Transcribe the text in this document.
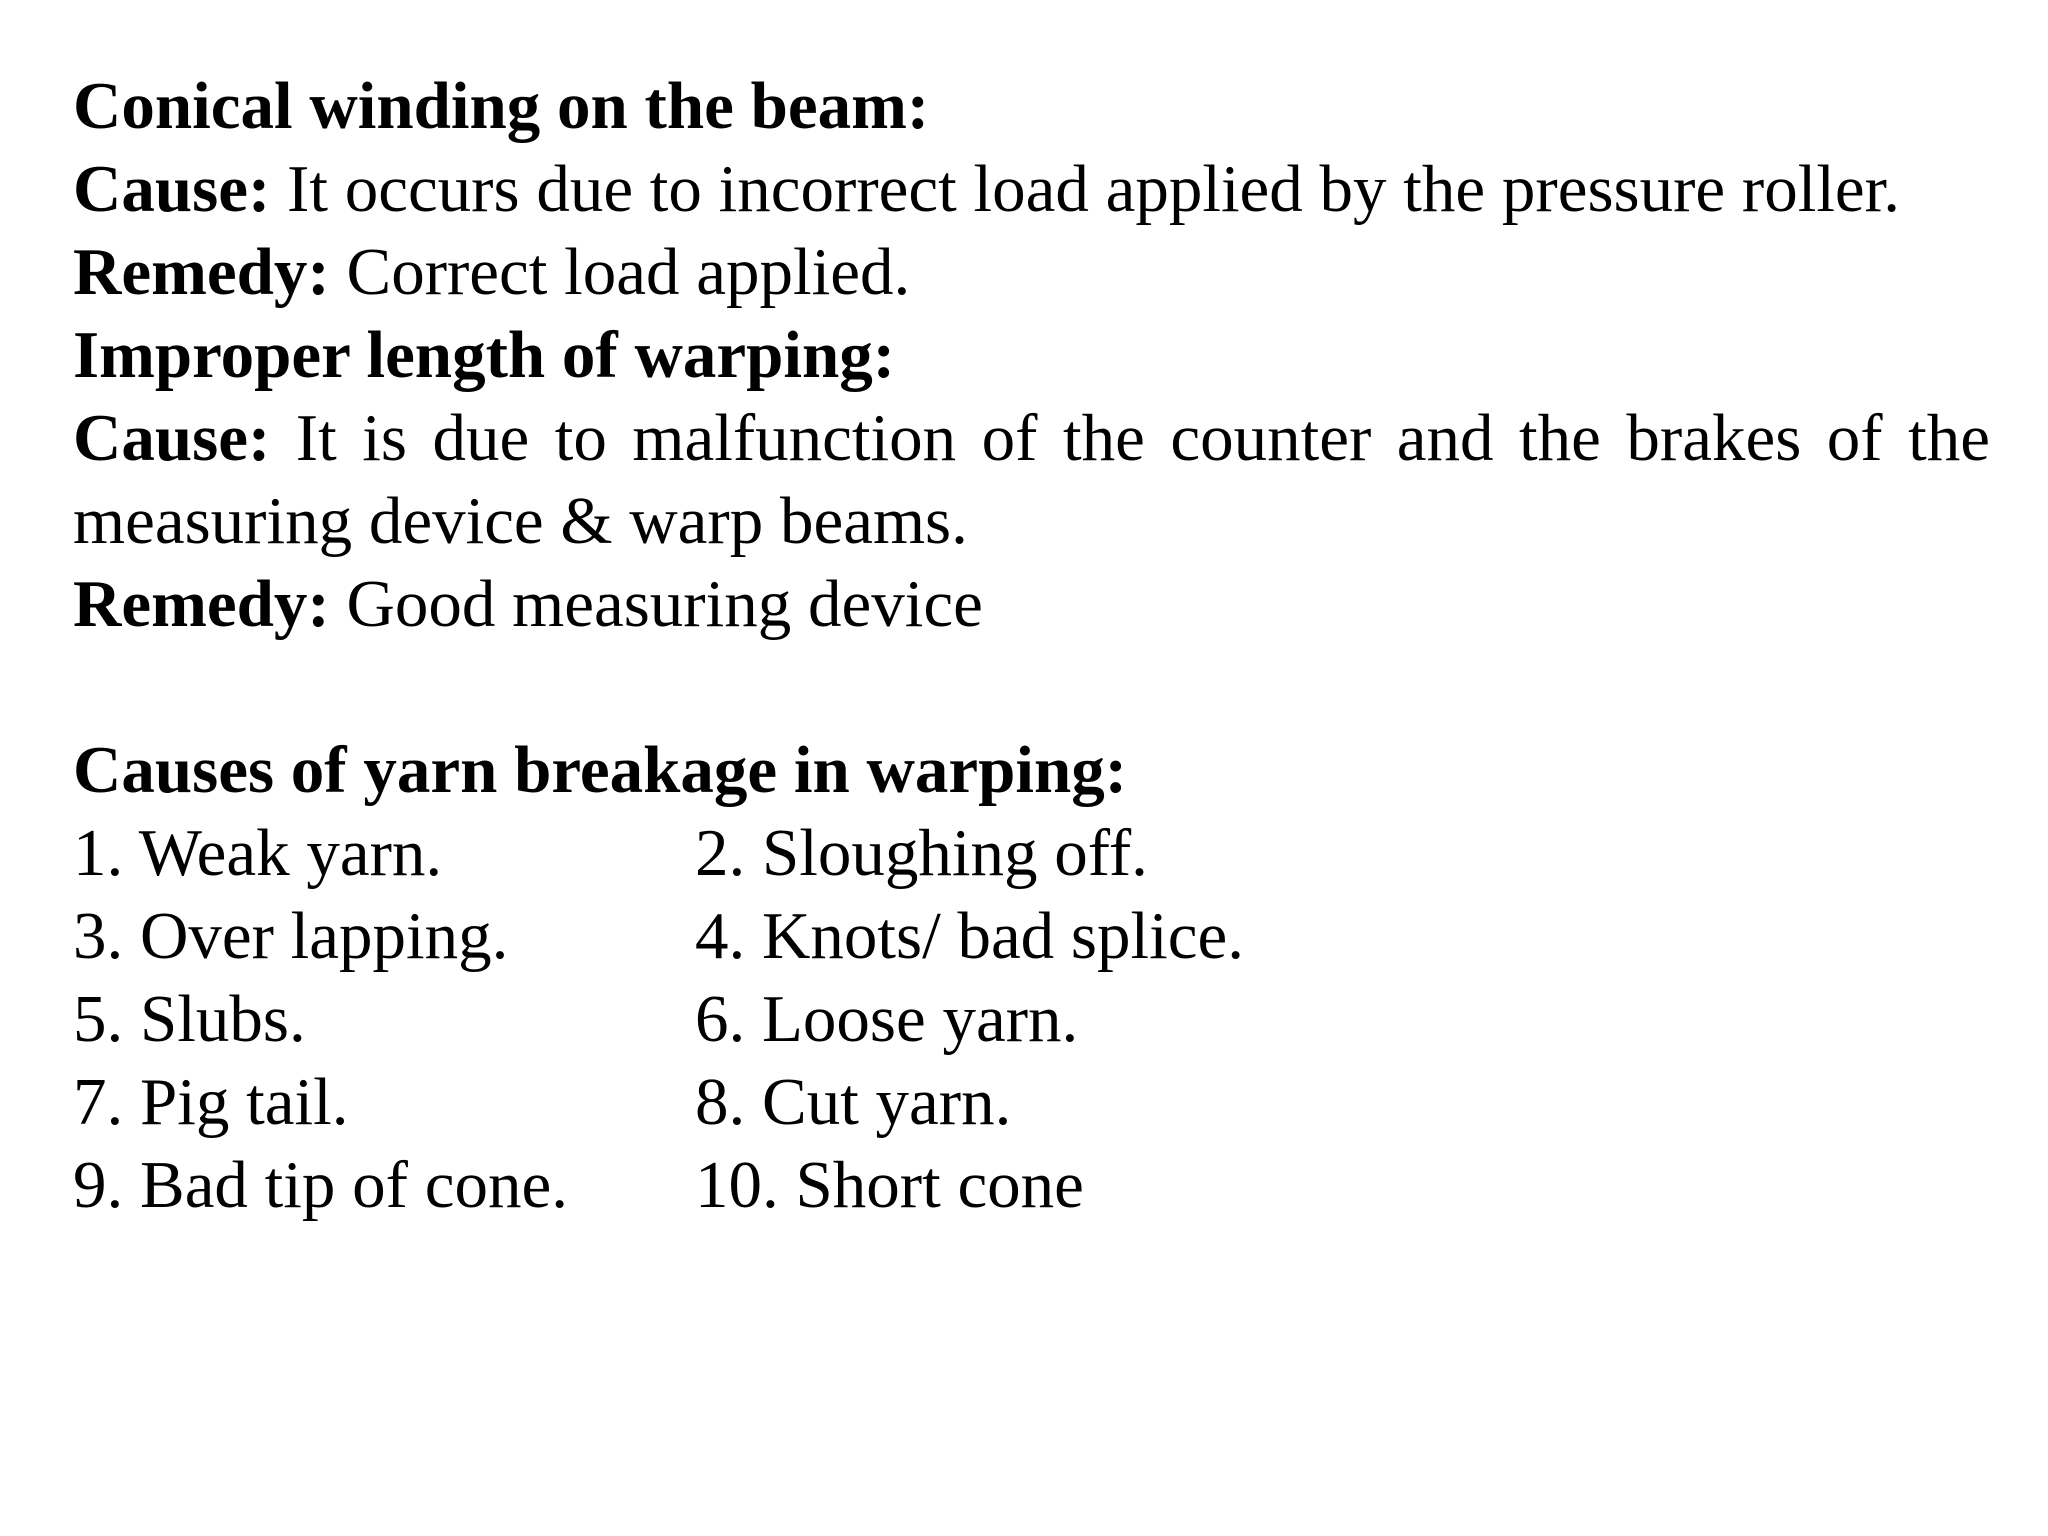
Conical winding on the beam:
Cause: It occurs due to incorrect load applied by the pressure roller.
Remedy: Correct load applied.
Improper length of warping:
Cause: It is due to malfunction of the counter and the brakes of the measuring device & warp beams.
Remedy: Good measuring device
Causes of yarn breakage in warping:
1. Weak yarn.	2. Sloughing off.
3. Over lapping.	4. Knots/ bad splice.
5. Slubs.	6. Loose yarn.
7. Pig tail.	8. Cut yarn.
9. Bad tip of cone.	10. Short cone
